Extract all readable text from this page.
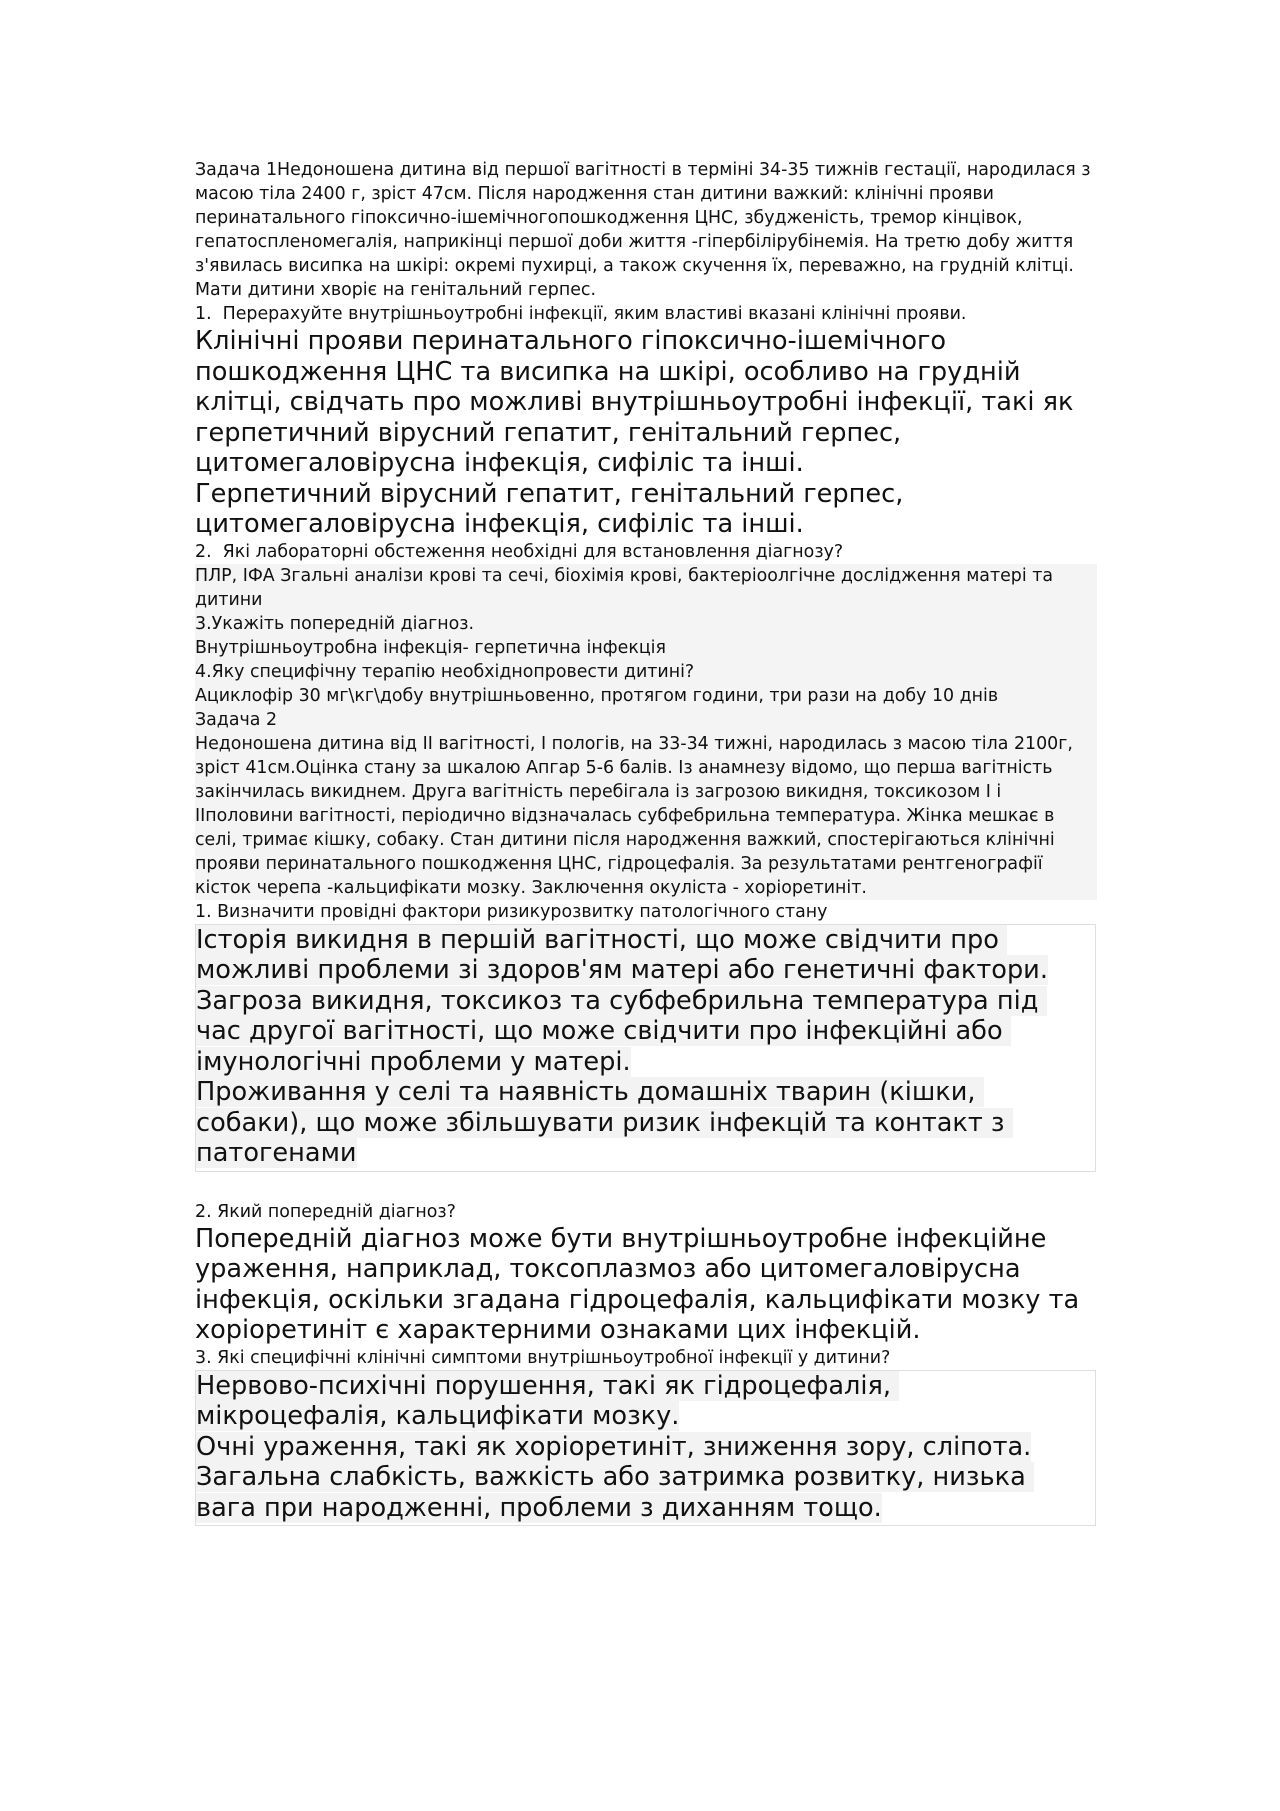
Задача 1Недоношена дитина від першої вагітності в терміні 34-35 тижнів гестації, народилася з масою тіла 2400 г, зріст 47см. Після народження стан дитини важкий: клінічні прояви перинатального гіпоксично-ішемічногопошкодження ЦНС, збудженість, тремор кінцівок, гепатоспленомегалія, наприкінці першої доби життя -гіпербілірубінемія. На третю добу життя з'явилась висипка на шкірі: окремі пухирці, а також скучення їх, переважно, на грудній клітці. Мати дитини хворіє на генітальний герпес.

1.  Перерахуйте внутрішньоутробні інфекції, яким властиві вказані клінічні прояви.

Клінічні прояви перинатального гіпоксично-ішемічного пошкодження ЦНС та висипка на шкірі, особливо на грудній клітці, свідчать про можливі внутрішньоутробні інфекції, такі як герпетичний вірусний гепатит, генітальний герпес, цитомегаловірусна інфекція, сифіліс та інші.

Герпетичний вірусний гепатит, генітальний герпес, цитомегаловірусна інфекція, сифіліс та інші.

2.  Які лабораторні обстеження необхідні для встановлення діагнозу?

ПЛР, ІФА Згальні аналізи крові та сечі, біохімія крові, бактеріоолгічне дослідження матері та дитини

3.Укажіть попередній діагноз.

Внутрішньоутробна інфекція- герпетична інфекція

4.Яку специфічну терапію необхіднопровести дитині?

Ациклофір 30 мг\кг\добу внутрішньовенно, протягом години, три рази на добу 10 днів

Задача 2

Недоношена дитина від ІІ вагітності, І пологів, на 33-34 тижні, народилась з масою тіла 2100г, зріст 41см.Оцінка стану за шкалою Апгар 5-6 балів. Із анамнезу відомо, що перша вагітність закінчилась викиднем. Друга вагітність перебігала із загрозою викидня, токсикозом І і ІІполовини вагітності, періодично відзначалась субфебрильна температура. Жінка мешкає в селі, тримає кішку, собаку. Стан дитини після народження важкий, спостерігаються клінічні прояви перинатального пошкодження ЦНС, гідроцефалія. За результатами рентгенографії кісток черепа -кальцифікати мозку. Заключення окуліста - хоріоретиніт.

1. Визначити провідні фактори ризикурозвитку патологічного стану

Історія викидня в першій вагітності, що може свідчити про можливі проблеми зі здоров'ям матері або генетичні фактори.

Загроза викидня, токсикоз та субфебрильна температура під час другої вагітності, що може свідчити про інфекційні або імунологічні проблеми у матері.

Проживання у селі та наявність домашніх тварин (кішки, собаки), що може збільшувати ризик інфекцій та контакт з патогенами

2. Який попередній діагноз?

Попередній діагноз може бути внутрішньоутробне інфекційне ураження, наприклад, токсоплазмоз або цитомегаловірусна інфекція, оскільки згадана гідроцефалія, кальцифікати мозку та хоріоретиніт є характерними ознаками цих інфекцій.

3. Які специфічні клінічні симптоми внутрішньоутробної інфекції у дитини?

Нервово-психічні порушення, такі як гідроцефалія, мікроцефалія, кальцифікати мозку.

Очні ураження, такі як хоріоретиніт, зниження зору, сліпота.

Загальна слабкість, важкість або затримка розвитку, низька вага при народженні, проблеми з диханням тощо.
